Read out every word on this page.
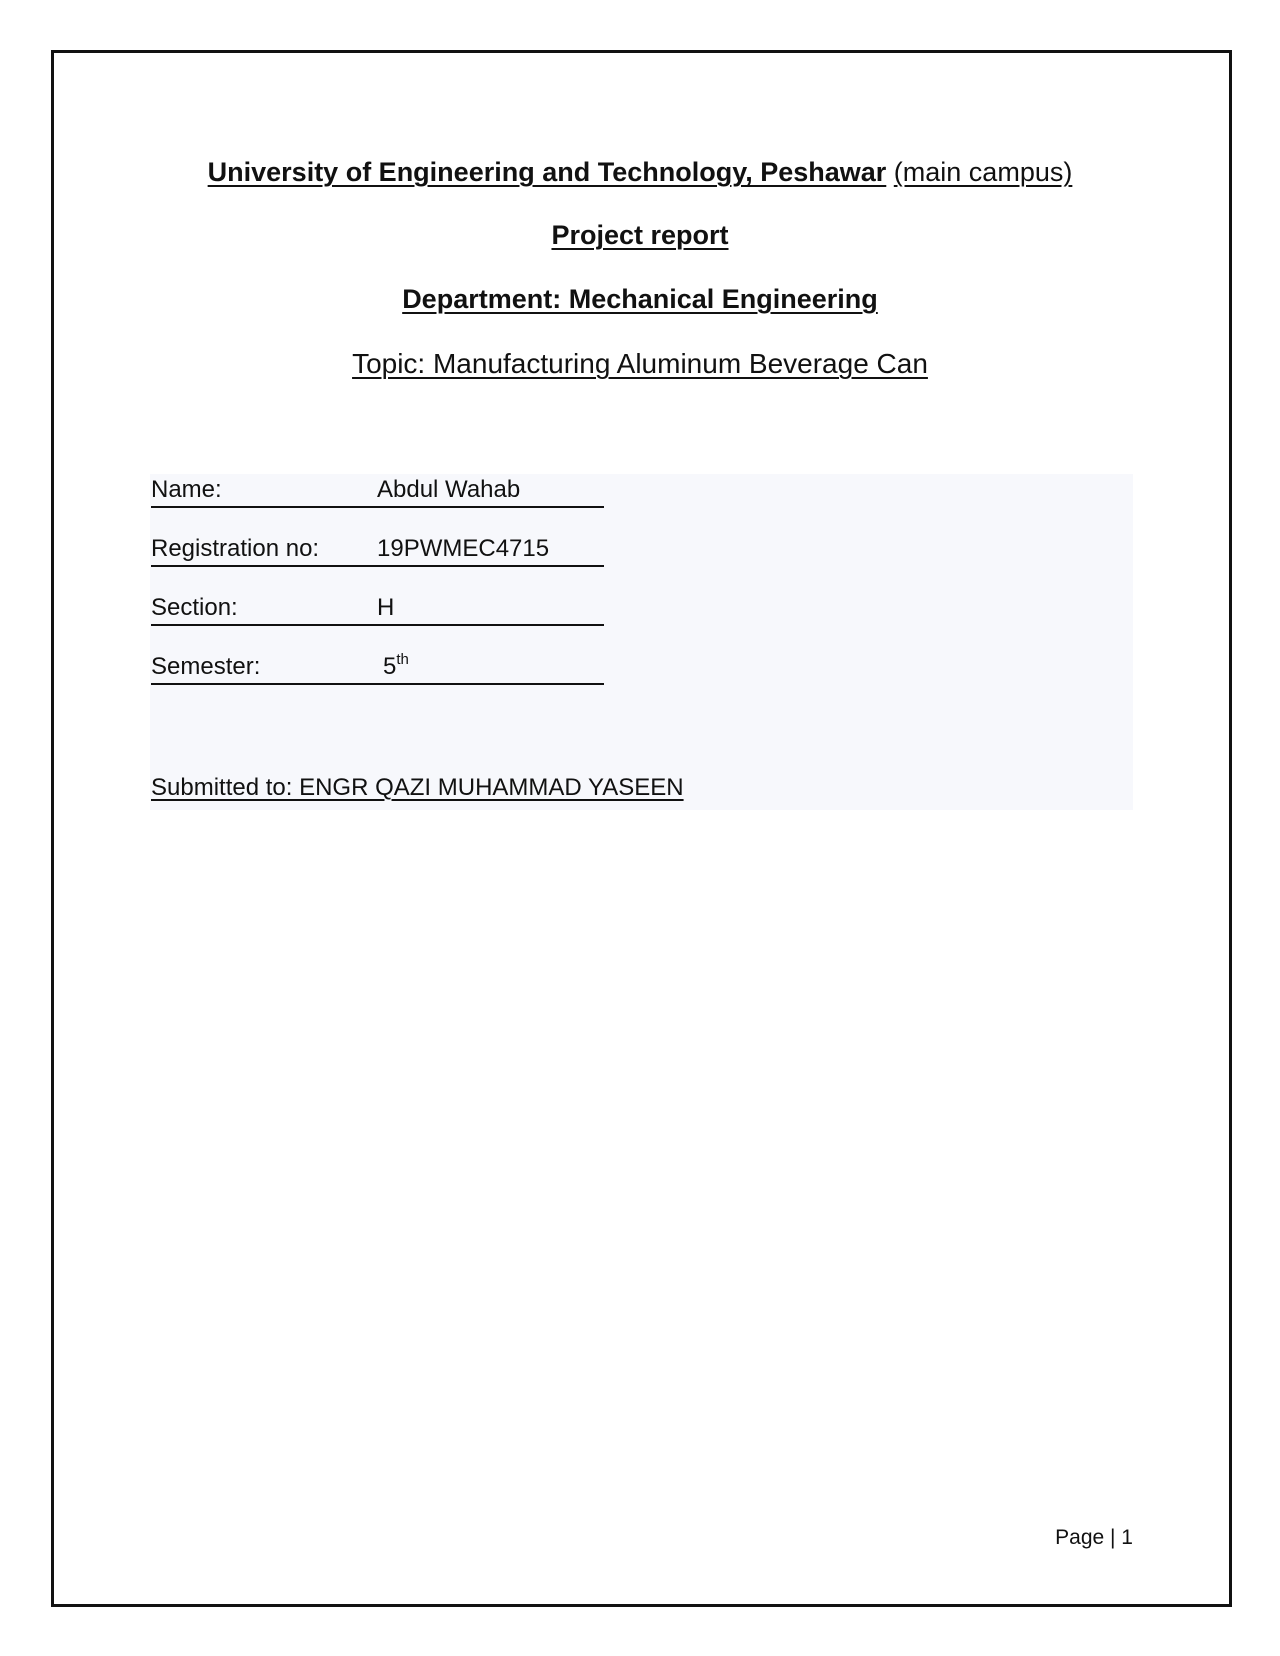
University of Engineering and Technology, Peshawar (main campus)
Project report
Department: Mechanical Engineering
Topic: Manufacturing Aluminum Beverage Can
Name:	Abdul Wahab
Registration no: 19PWMEC4715
Section:	H
Semester:	5th
Submitted to: ENGR QAZI MUHAMMAD YASEEN
Page | 1
